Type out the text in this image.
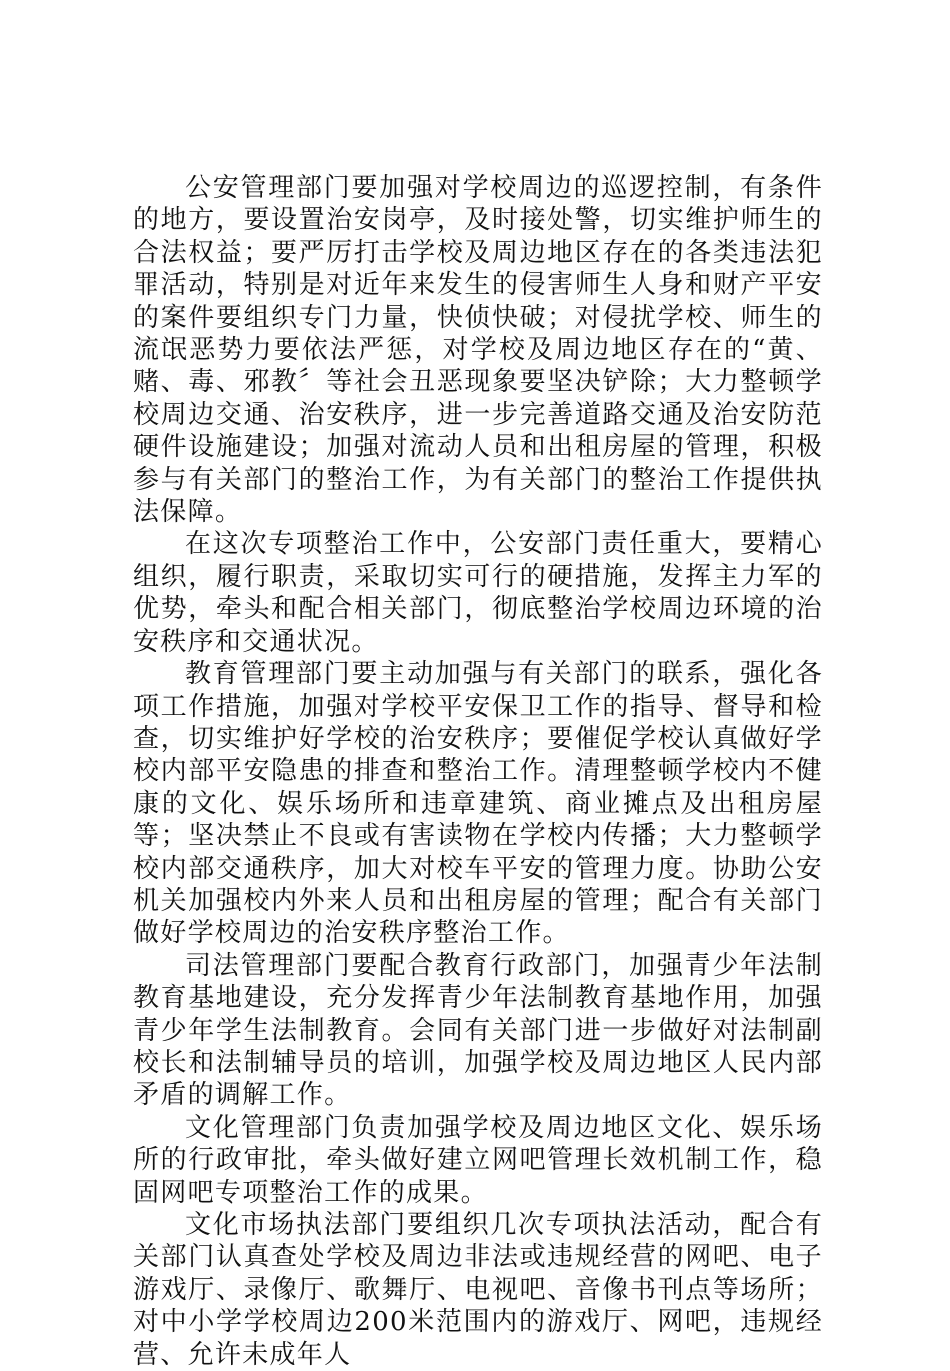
公安管理部门要加强对学校周边的巡逻控制，有条件的地方，要设置治安岗亭，及时接处警，切实维护师生的合法权益；要严厉打击学校及周边地区存在的各类违法犯罪活动，特别是对近年来发生的侵害师生人身和财产平安的案件要组织专门力量，快侦快破；对侵扰学校、师生的流氓恶势力要依法严惩，对学校及周边地区存在的“黄、赌、毒、邪教〞等社会丑恶现象要坚决铲除；大力整顿学校周边交通、治安秩序，进一步完善道路交通及治安防范硬件设施建设；加强对流动人员和出租房屋的管理，积极参与有关部门的整治工作，为有关部门的整治工作提供执法保障。

在这次专项整治工作中，公安部门责任重大，要精心组织，履行职责，采取切实可行的硬措施，发挥主力军的优势，牵头和配合相关部门，彻底整治学校周边环境的治安秩序和交通状况。

教育管理部门要主动加强与有关部门的联系，强化各项工作措施，加强对学校平安保卫工作的指导、督导和检查，切实维护好学校的治安秩序；要催促学校认真做好学校内部平安隐患的排查和整治工作。清理整顿学校内不健康的文化、娱乐场所和违章建筑、商业摊点及出租房屋等；坚决禁止不良或有害读物在学校内传播；大力整顿学校内部交通秩序，加大对校车平安的管理力度。协助公安机关加强校内外来人员和出租房屋的管理；配合有关部门做好学校周边的治安秩序整治工作。

司法管理部门要配合教育行政部门，加强青少年法制教育基地建设，充分发挥青少年法制教育基地作用，加强青少年学生法制教育。会同有关部门进一步做好对法制副校长和法制辅导员的培训，加强学校及周边地区人民内部矛盾的调解工作。

文化管理部门负责加强学校及周边地区文化、娱乐场所的行政审批，牵头做好建立网吧管理长效机制工作，稳固网吧专项整治工作的成果。

文化市场执法部门要组织几次专项执法活动，配合有关部门认真查处学校及周边非法或违规经营的网吧、电子游戏厅、录像厅、歌舞厅、电视吧、音像书刊点等场所；对中小学学校周边200米范围内的游戏厅、网吧，违规经营、允许未成年人
